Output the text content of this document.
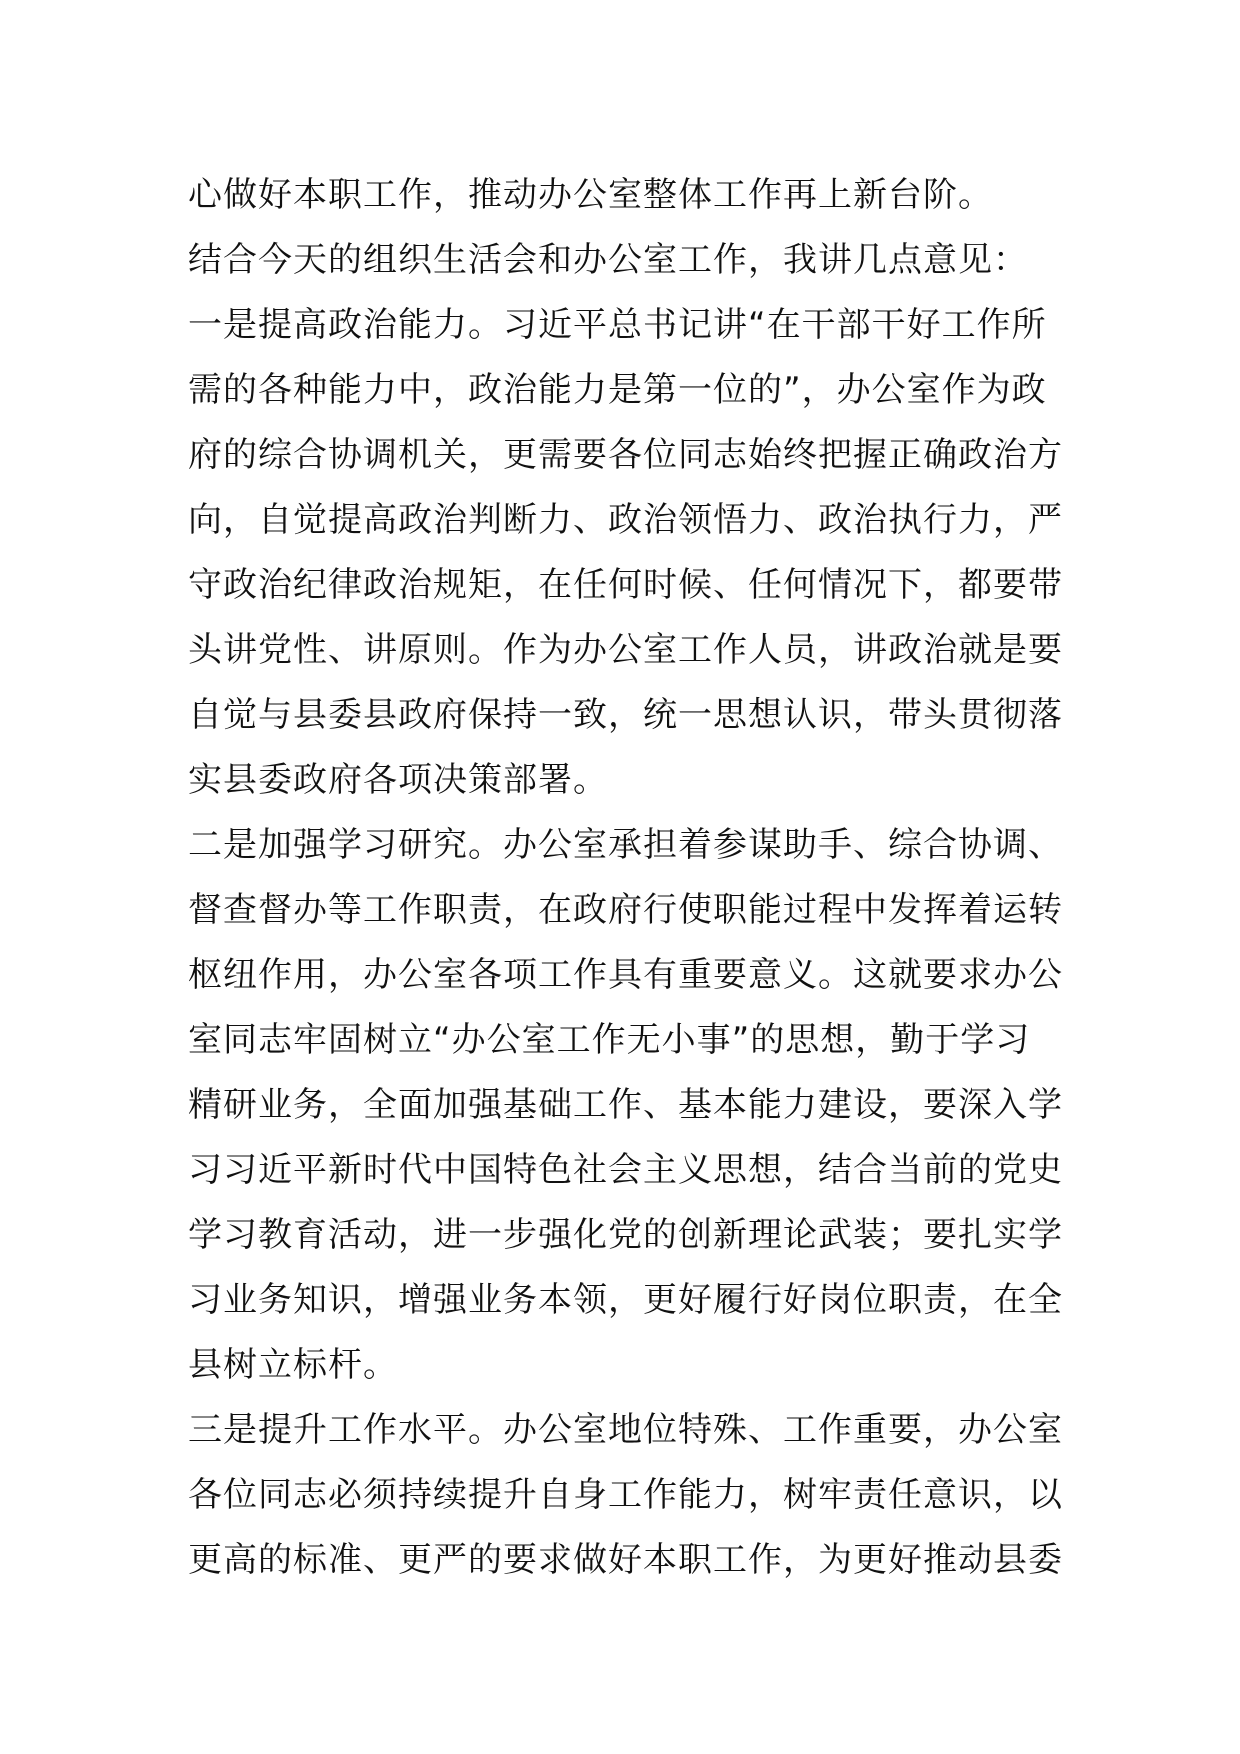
心做好本职工作，推动办公室整体工作再上新台阶。
结合今天的组织生活会和办公室工作，我讲几点意见：
一是提高政治能力。习近平总书记讲“在干部干好工作所
需的各种能力中，政治能力是第一位的”，办公室作为政
府的综合协调机关，更需要各位同志始终把握正确政治方
向，自觉提高政治判断力、政治领悟力、政治执行力，严
守政治纪律政治规矩，在任何时候、任何情况下，都要带
头讲党性、讲原则。作为办公室工作人员，讲政治就是要
自觉与县委县政府保持一致，统一思想认识，带头贯彻落
实县委政府各项决策部署。
二是加强学习研究。办公室承担着参谋助手、综合协调、
督查督办等工作职责，在政府行使职能过程中发挥着运转
枢纽作用，办公室各项工作具有重要意义。这就要求办公
室同志牢固树立“办公室工作无小事”的思想，勤于学习
精研业务，全面加强基础工作、基本能力建设，要深入学
习习近平新时代中国特色社会主义思想，结合当前的党史
学习教育活动，进一步强化党的创新理论武装；要扎实学
习业务知识，增强业务本领，更好履行好岗位职责，在全
县树立标杆。
三是提升工作水平。办公室地位特殊、工作重要，办公室
各位同志必须持续提升自身工作能力，树牢责任意识，以
更高的标准、更严的要求做好本职工作，为更好推动县委
